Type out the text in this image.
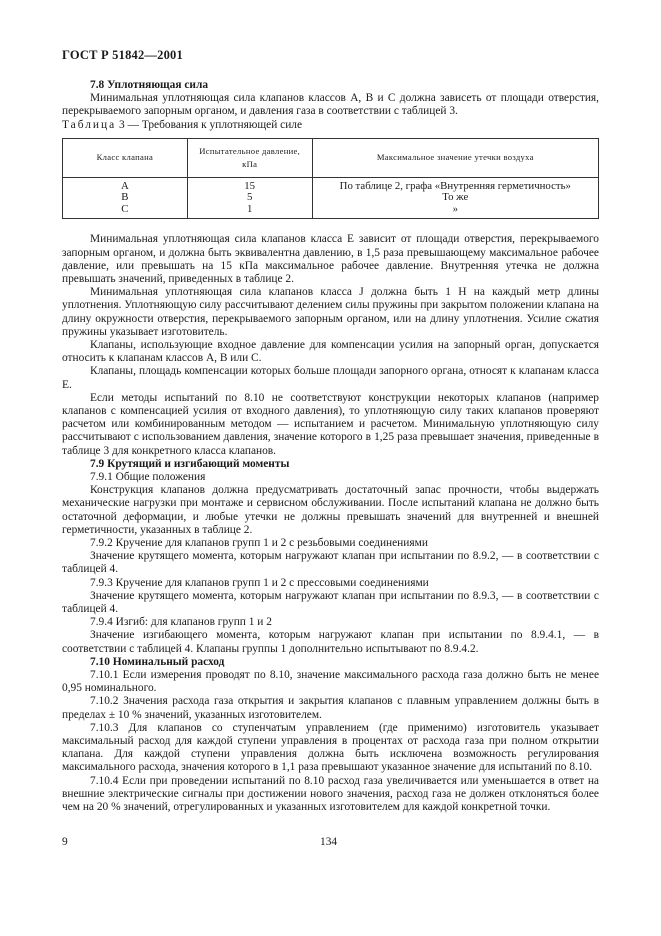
ГОСТ Р 51842—2001

7.8 Уплотняющая сила

Минимальная уплотняющая сила клапанов классов А, В и С должна зависеть от площади отверстия, перекрываемого запорным органом, и давления газа в соответствии с таблицей 3.

Таблица 3 — Требования к уплотняющей силе

Класс клапана	Испытательное давление, кПа	Максимальное значение утечки воздуха
А	15	По таблице 2, графа «Внутренняя герметичность»
В	5	То же
С	1	»

Минимальная уплотняющая сила клапанов класса Е зависит от площади отверстия, перекрываемого запорным органом, и должна быть эквивалентна давлению, в 1,5 раза превышающему максимальное рабочее давление, или превышать на 15 кПа максимальное рабочее давление. Внутренняя утечка не должна превышать значений, приведенных в таблице 2.

Минимальная уплотняющая сила клапанов класса J должна быть 1 Н на каждый метр длины уплотнения. Уплотняющую силу рассчитывают делением силы пружины при закрытом положении клапана на длину окружности отверстия, перекрываемого запорным органом, или на длину уплотнения. Усилие сжатия пружины указывает изготовитель.

Клапаны, использующие входное давление для компенсации усилия на запорный орган, допускается относить к клапанам классов А, В или С.

Клапаны, площадь компенсации которых больше площади запорного органа, относят к клапанам класса Е.

Если методы испытаний по 8.10 не соответствуют конструкции некоторых клапанов (например клапанов с компенсацией усилия от входного давления), то уплотняющую силу таких клапанов проверяют расчетом или комбинированным методом — испытанием и расчетом. Минимальную уплотняющую силу рассчитывают с использованием давления, значение которого в 1,25 раза превышает значения, приведенные в таблице 3 для конкретного класса клапанов.

7.9 Крутящий и изгибающий моменты

7.9.1 Общие положения

Конструкция клапанов должна предусматривать достаточный запас прочности, чтобы выдержать механические нагрузки при монтаже и сервисном обслуживании. После испытаний клапана не должно быть остаточной деформации, и любые утечки не должны превышать значений для внутренней и внешней герметичности, указанных в таблице 2.

7.9.2 Кручение для клапанов групп 1 и 2 с резьбовыми соединениями

Значение крутящего момента, которым нагружают клапан при испытании по 8.9.2, — в соответствии с таблицей 4.

7.9.3 Кручение для клапанов групп 1 и 2 с прессовыми соединениями

Значение крутящего момента, которым нагружают клапан при испытании по 8.9.3, — в соответствии с таблицей 4.

7.9.4 Изгиб: для клапанов групп 1 и 2

Значение изгибающего момента, которым нагружают клапан при испытании по 8.9.4.1, — в соответствии с таблицей 4. Клапаны группы 1 дополнительно испытывают по 8.9.4.2.

7.10 Номинальный расход

7.10.1 Если измерения проводят по 8.10, значение максимального расхода газа должно быть не менее 0,95 номинального.

7.10.2 Значения расхода газа открытия и закрытия клапанов с плавным управлением должны быть в пределах ± 10 % значений, указанных изготовителем.

7.10.3 Для клапанов со ступенчатым управлением (где применимо) изготовитель указывает максимальный расход для каждой ступени управления в процентах от расхода газа при полном открытии клапана. Для каждой ступени управления должна быть исключена возможность регулирования максимального расхода, значения которого в 1,1 раза превышают указанное значение для испытаний по 8.10.

7.10.4 Если при проведении испытаний по 8.10 расход газа увеличивается или уменьшается в ответ на внешние электрические сигналы при достижении нового значения, расход газа не должен отклоняться более чем на 20 % значений, отрегулированных и указанных изготовителем для каждой конкретной точки.

9	134
